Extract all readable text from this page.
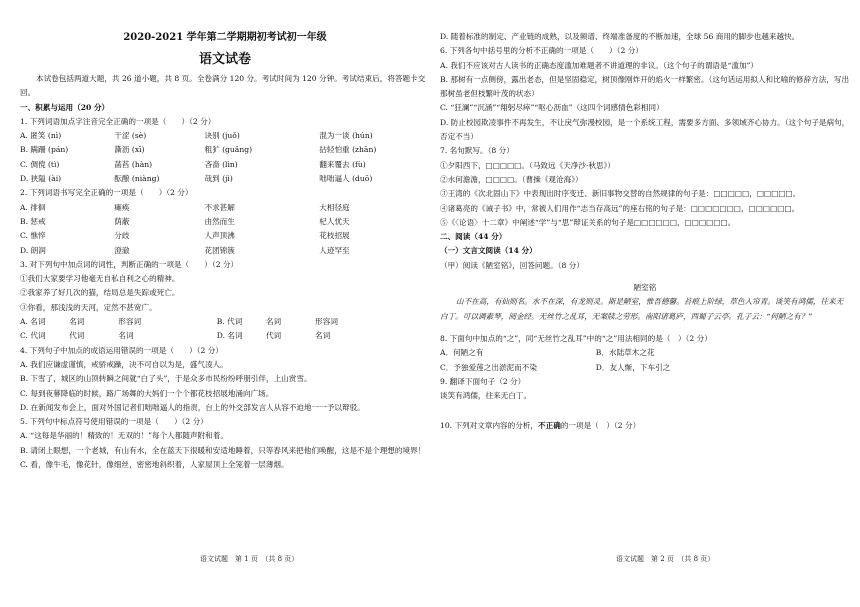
2020-2021 学年第二学期期初考试初一年级
语文试卷
本试卷包括两道大题，共 26 道小题，共 8 页。全卷满分 120 分。考试时间为 120 分钟。考试结束后，将答题卡交回。
一、积累与运用（20 分）
1. 下列词语加点字注音完全正确的一项是（　　）（2 分）
A. 匿笑 (nì)	干涩 (sè)	诀别 (juǒ)	混为一谈 (hún)
B. 蹒跚 (pán)	澌沥 (xī)	粗犷 (guǎng)	拈轻怕重 (zhān)
C. 倜傥 (tì)	菡萏 (hàn)	吝啬 (lìn)	翻来覆去 (fù)
D. 狭隘 (ài)	酝酿 (niàng)	哉到 (jì)	咄咄逼人 (duō)
2. 下列词语书写完全正确的一项是（　　）（2 分）
A. 徘徊	瘫痪	不求甚解	大相径庭
B. 惩戒	荫蔽	由然而生	杞人忧天
C. 憔悴	分歧	人声顶沸	花枝招展
D. 朗润	澄澈	花团锦簇	人迹罕至
3. 对下列句中加点词的词性，判断正确的一项是（　　）（2 分）
①我们大家要学习他毫无自私自利之心的精神。
②我家养了好几次的猫，结局总是失踪或死亡。
③你看，那浅浅的天河，定然不甚宽广。
A. 名词	名词	形容词	B. 代词	名词	形容词
C. 代词	代词	名词	D. 名词	代词	名词
4. 下列句子中加点的成语运用错误的一项是（　　）（2 分）
A. 我们应谦虚谨慎，戒骄戒躁，决不可自以为是，盛气凌人。
B. 下雪了，城区的山顶转瞬之间就“白了头”，于是众多市民纷纷呼朋引伴，上山赏雪。
C. 每到夜幕降临的时候，路广场舞的大妈们一个个都花枝招展地涌向广场。
D. 在新闻发布会上，面对外国记者们咄咄逼人的指责，台上的外交部发言人从容不迫地一一予以辩驳。
5. 下列句中标点符号使用错误的一项是（　　）（2 分）
A. “这每是华丽的！精致的！无双的！”每个人都随声附和着。
B. 请闭上眼想，一个老城，有山有水，全在蓝天下很暖和安适地睡着，只等春风来把他们唤醒，这是不是个理想的境界！
C. 看，像牛毛，像花针，像细丝，密密地斜织着，人家屋顶上全笼着一层薄烟。
语文试题　第 1 页　（共 8 页）
D. 随着标准的制定、产业链的成熟，以及频谱、终端准备度的不断加速，全球 56 商用的脚步也越来越快。
6. 下列各句中括号里的分析不正确的一项是（　　）（2 分）
A. 我们不应该对古人读书的正确态度滥加难题者不讲道理的非议。（这个句子的谓语是“滥加”）
B. 那树有一点侧傍，露出老态，但是坚固稳定，树顶像刚炸开的焰火一样繁密。（这句话运用拟人和比喻的修辞方法，写出那树虽老但枝繁叶茂的状态）
C. “狂澜”“沉涵”“翔躬尽瘁”“呕心沥血”（这四个词感情色彩相同）
D. 防止校园欺凌事件不再发生，不让戾气弥漫校园，是一个系统工程，需要多方面、多领域齐心协力。（这个句子是病句，否定不当）
7. 名句默写。（8 分）
①夕阳西下，□□□□□。（马致远《天净沙·秋思》）
②水何澹澹，□□□□。（曹操《观沧海》）
③王湾的《次北固山下》中表现出时序变迁、新旧事物交替的自然规律的句子是：□□□□□，□□□□□。
④诸葛亮的《诫子书》中，常被人们用作“志当存高远”的座右铭的句子是：□□□□□□□，□□□□□□。
⑤《〈论语〉十二章》中阐述“学”与“思”辩证关系的句子是□□□□□□，□□□□□□。
二、阅读（44 分）
（一）文言文阅读（14 分）
（甲）阅读《陋室铭》，回答问题。（8 分）
陋室铭
山不在高，有仙则名。水不在深，有龙则灵。斯是陋室，惟吾德馨。苔痕上阶绿，草色入帘青。谈笑有鸿儒，往来无白丁。可以调素琴，阅金经。无丝竹之乱耳，无案牍之劳形。南阳诸葛庐，西蜀子云亭。孔子云：“何陋之有？”
8. 下面句中加点的“之”，同“无丝竹之乱耳”中的“之”用法相同的是（　）（2 分）
A．何陋之有	B．水陆草木之花
C．予独爱莲之出淤泥而不染	D．友人惭，下车引之
9. 翻译下面句子（2 分）
谈笑有鸿儒，往来无白丁。
10. 下列对文章内容的分析，不正确的一项是（　）（2 分）
语文试题　第 2 页　（共 8 页）
